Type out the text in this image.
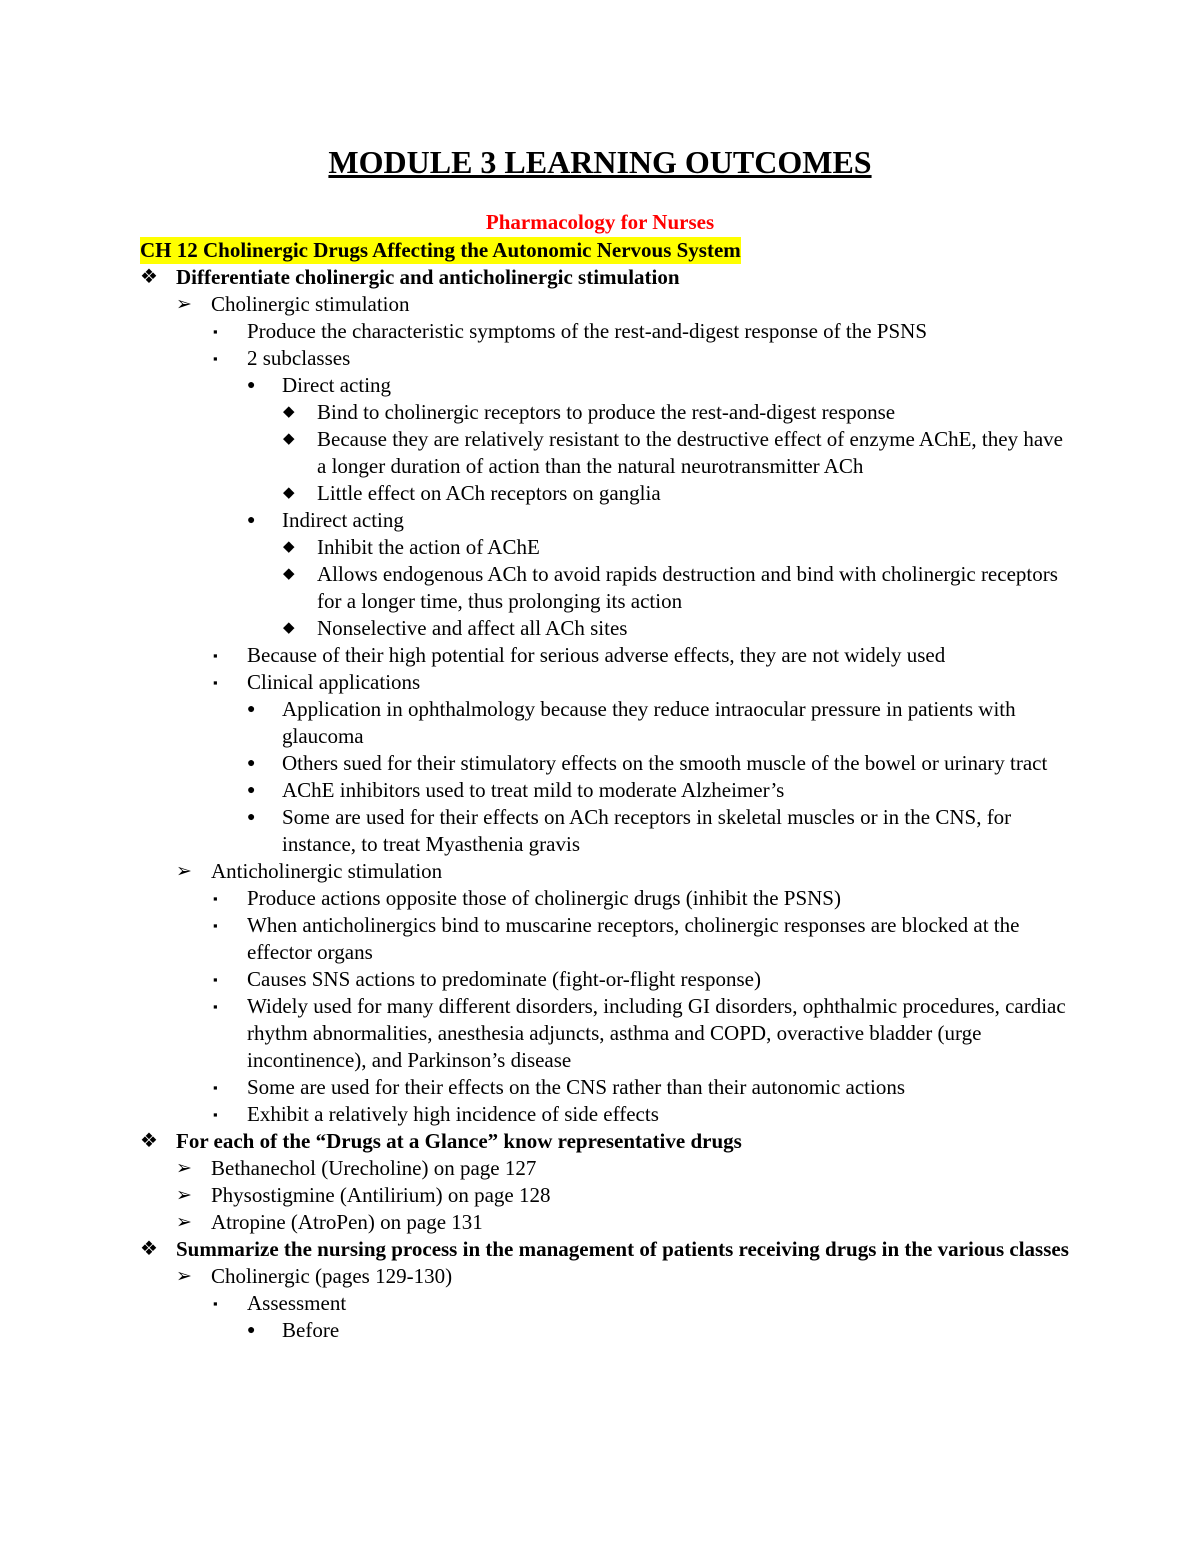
MODULE 3 LEARNING OUTCOMES
Pharmacology for Nurses
CH 12 Cholinergic Drugs Affecting the Autonomic Nervous System
❖ Differentiate cholinergic and anticholinergic stimulation
➢ Cholinergic stimulation
▪	Produce the characteristic symptoms of the rest-and-digest response of the PSNS
▪	2 subclasses
●	Direct acting
◆	Bind to cholinergic receptors to produce the rest-and-digest response
◆	Because they are relatively resistant to the destructive effect of enzyme AChE, they have a longer duration of action than the natural neurotransmitter ACh
◆	Little effect on ACh receptors on ganglia
●	Indirect acting
◆	Inhibit the action of AChE
◆	Allows endogenous ACh to avoid rapids destruction and bind with cholinergic receptors for a longer time, thus prolonging its action
◆	Nonselective and affect all ACh sites
▪	Because of their high potential for serious adverse effects, they are not widely used
▪	Clinical applications
●	Application in ophthalmology because they reduce intraocular pressure in patients with glaucoma
●	Others sued for their stimulatory effects on the smooth muscle of the bowel or urinary tract
●	AChE inhibitors used to treat mild to moderate Alzheimer’s
●	Some are used for their effects on ACh receptors in skeletal muscles or in the CNS, for instance, to treat Myasthenia gravis
➢ Anticholinergic stimulation
▪	Produce actions opposite those of cholinergic drugs (inhibit the PSNS)
▪	When anticholinergics bind to muscarine receptors, cholinergic responses are blocked at the effector organs
▪	Causes SNS actions to predominate (fight-or-flight response)
▪	Widely used for many different disorders, including GI disorders, ophthalmic procedures, cardiac rhythm abnormalities, anesthesia adjuncts, asthma and COPD, overactive bladder (urge incontinence), and Parkinson’s disease
▪	Some are used for their effects on the CNS rather than their autonomic actions
▪	Exhibit a relatively high incidence of side effects
❖ For each of the “Drugs at a Glance” know representative drugs
➢ Bethanechol (Urecholine) on page 127
➢ Physostigmine (Antilirium) on page 128
➢ Atropine (AtroPen) on page 131
❖ Summarize the nursing process in the management of patients receiving drugs in the various classes
➢ Cholinergic (pages 129-130)
▪	Assessment
●	Before
